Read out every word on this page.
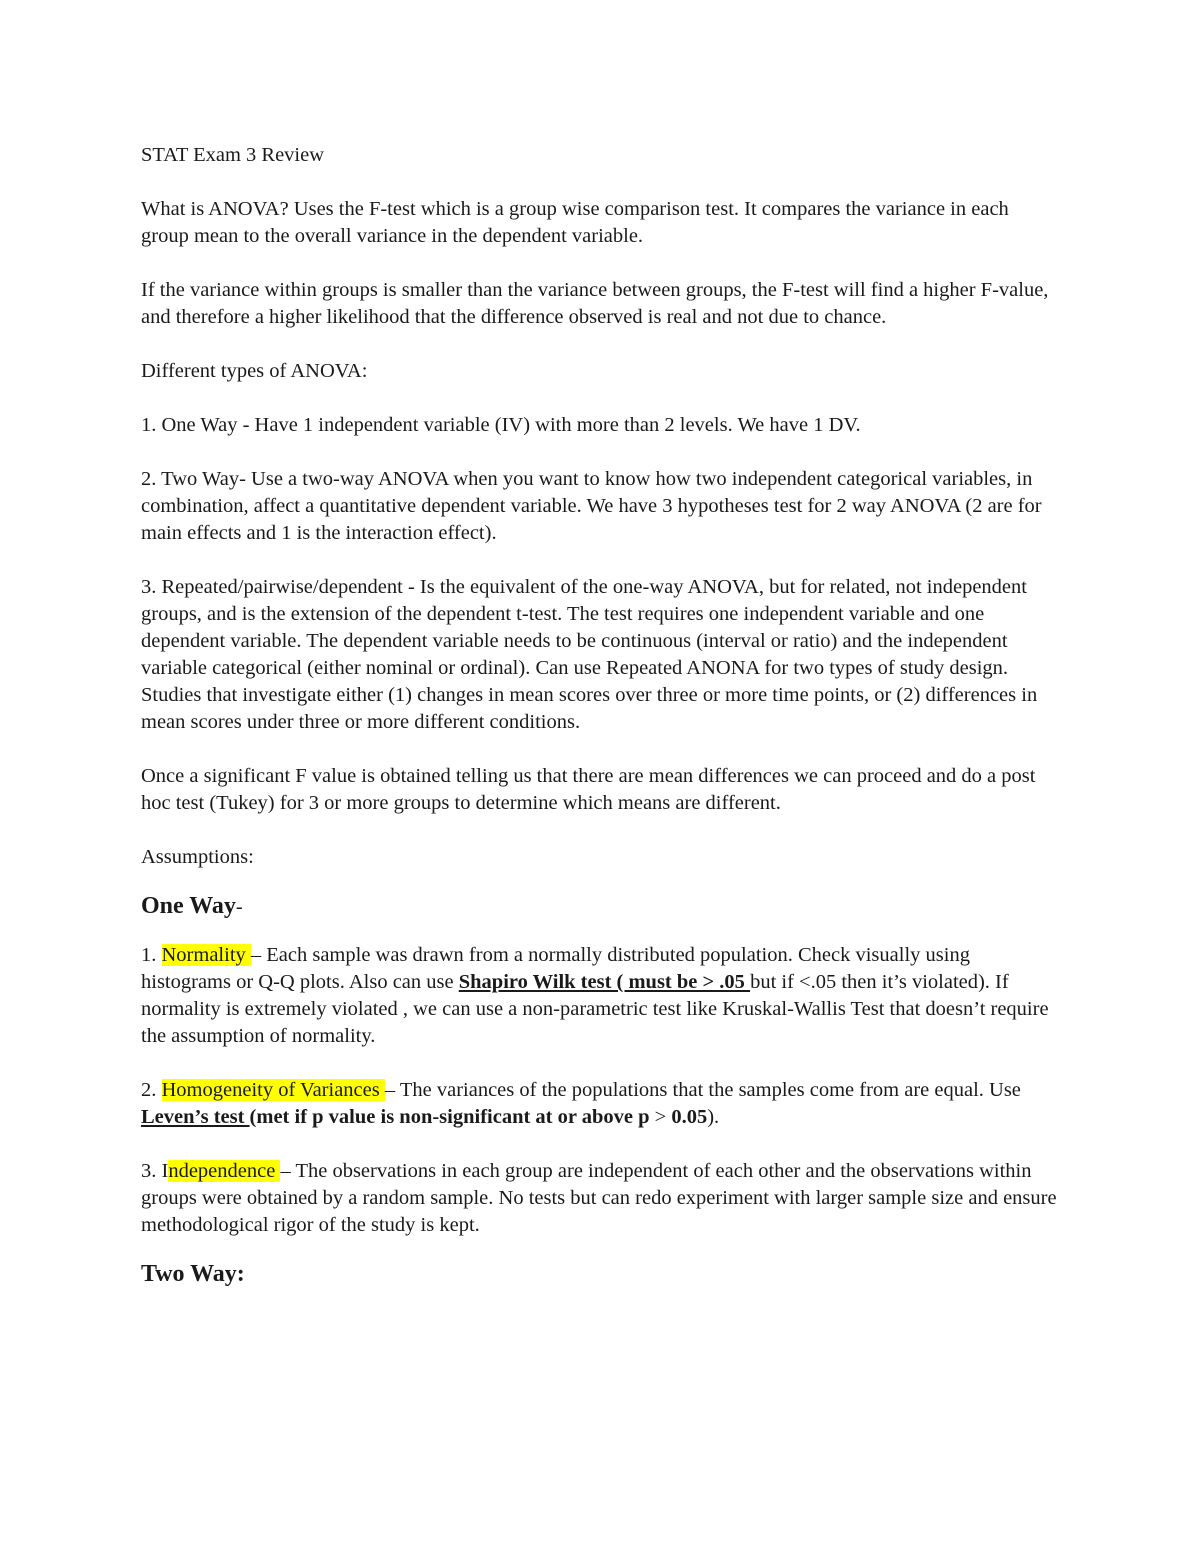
STAT Exam 3 Review

What is ANOVA? Uses the F-test which is a group wise comparison test. It compares the variance in each group mean to the overall variance in the dependent variable.

If the variance within groups is smaller than the variance between groups, the F-test will find a higher F-value, and therefore a higher likelihood that the difference observed is real and not due to chance.

Different types of ANOVA:

1. One Way - Have 1 independent variable (IV) with more than 2 levels. We have 1 DV.

2. Two Way- Use a two-way ANOVA when you want to know how two independent categorical variables, in combination, affect a quantitative dependent variable. We have 3 hypotheses test for 2 way ANOVA (2 are for main effects and 1 is the interaction effect).

3. Repeated/pairwise/dependent - Is the equivalent of the one-way ANOVA, but for related, not independent groups, and is the extension of the dependent t-test. The test requires one independent variable and one dependent variable. The dependent variable needs to be continuous (interval or ratio) and the independent variable categorical (either nominal or ordinal). Can use Repeated ANONA for two types of study design. Studies that investigate either (1) changes in mean scores over three or more time points, or (2) differences in mean scores under three or more different conditions.

Once a significant F value is obtained telling us that there are mean differences we can proceed and do a post hoc test (Tukey) for 3 or more groups to determine which means are different.

Assumptions:

One Way-

1. Normality – Each sample was drawn from a normally distributed population. Check visually using histograms or Q-Q plots. Also can use Shapiro Wilk test ( must be > .05 but if <.05 then it’s violated). If normality is extremely violated , we can use a non-parametric test like Kruskal-Wallis Test that doesn’t require the assumption of normality.

2. Homogeneity of Variances – The variances of the populations that the samples come from are equal. Use Leven’s test (met if p value is non-significant at or above p > 0.05).

3. Independence – The observations in each group are independent of each other and the observations within groups were obtained by a random sample. No tests but can redo experiment with larger sample size and ensure methodological rigor of the study is kept.

Two Way:
